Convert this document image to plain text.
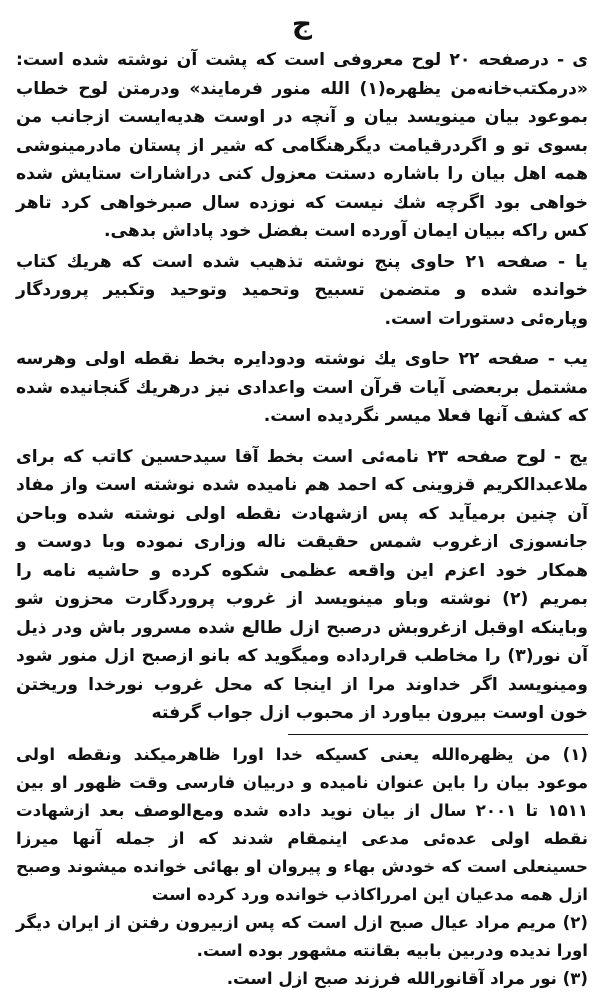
ج

ی - درصفحه ۲۰ لوح معروفی است که پشت آن نوشته شده است: «درمکتب‌خانه‌من یظهره(۱) الله منور فرمایند» ودرمتن لوح خطاب بموعود بیان مینویسد بیان و آنچه در اوست هدیه‌ایست ازجانب من بسوی تو و اگردرقیامت دیگرهنگامی که شیر از پستان مادرمینوشی همه اهل بیان را باشاره دستت معزول کنی دراشارات ستایش شده خواهی بود اگرچه شك نیست که نوزده سال صبرخواهی کرد تاهر کس راکه ببیان ایمان آورده است بفضل خود پاداش بدهی.

یا - صفحه ۲۱ حاوی پنج نوشته تذهیب شده است که هریك کتاب خوانده شده و متضمن تسبیح وتحمید وتوحید وتکبیر پروردگار وپاره‌ئی دستورات است.

یب - صفحه ۲۲ حاوی یك نوشته ودودایره بخط نقطه اولی وهرسه مشتمل بربعضی آیات قرآن است واعدادی نیز درهریك گنجانیده شده که کشف آنها فعلا میسر نگردیده است.

یج - لوح صفحه ۲۳ نامه‌ئی است بخط آقا سیدحسین کاتب که برای ملاعبدالکریم قزوینی که احمد هم نامیده شده نوشته است واز مفاد آن چنین برمیآید که پس ازشهادت نقطه اولی نوشته شده وباحن جانسوزی ازغروب شمس حقیقت ناله وزاری نموده وبا دوست و همکار خود اعزم این واقعه عظمی شکوه کرده و حاشیه نامه را بمریم (۲) نوشته وباو مینویسد از غروب پروردگارت محزون شو وباینکه اوقبل ازغروبش درصبح ازل طالع شده مسرور باش ودر ذیل آن نور(۳) را مخاطب قرارداده ومیگوید که بانو ازصبح ازل منور شود ومینویسد اگر خداوند مرا از اینجا که محل غروب نورخدا وریختن خون اوست بیرون بیاورد از محبوب ازل جواب گرفته

(۱) من یظهره‌الله یعنی کسیکه خدا اورا ظاهرمیکند ونقطه اولی موعود بیان را باین عنوان نامیده و دربیان فارسی وقت ظهور او بین ۱۵۱۱ تا ۲۰۰۱ سال از بیان نوید داده شده ومع‌الوصف بعد ازشهادت نقطه اولی عده‌ئی مدعی اینمقام شدند که از جمله آنها میرزا حسینعلی است که خودش بهاء و پیروان او بهائی خوانده میشوند وصبح ازل همه مدعیان این امرراکاذب خوانده ورد کرده است

(۲) مریم مراد عیال صبح ازل است که پس ازبیرون رفتن از ایران دیگر اورا ندیده ودربین بابیه بقانته مشهور بوده است.

(۳) نور مراد آقانورالله فرزند صبح ازل است.
